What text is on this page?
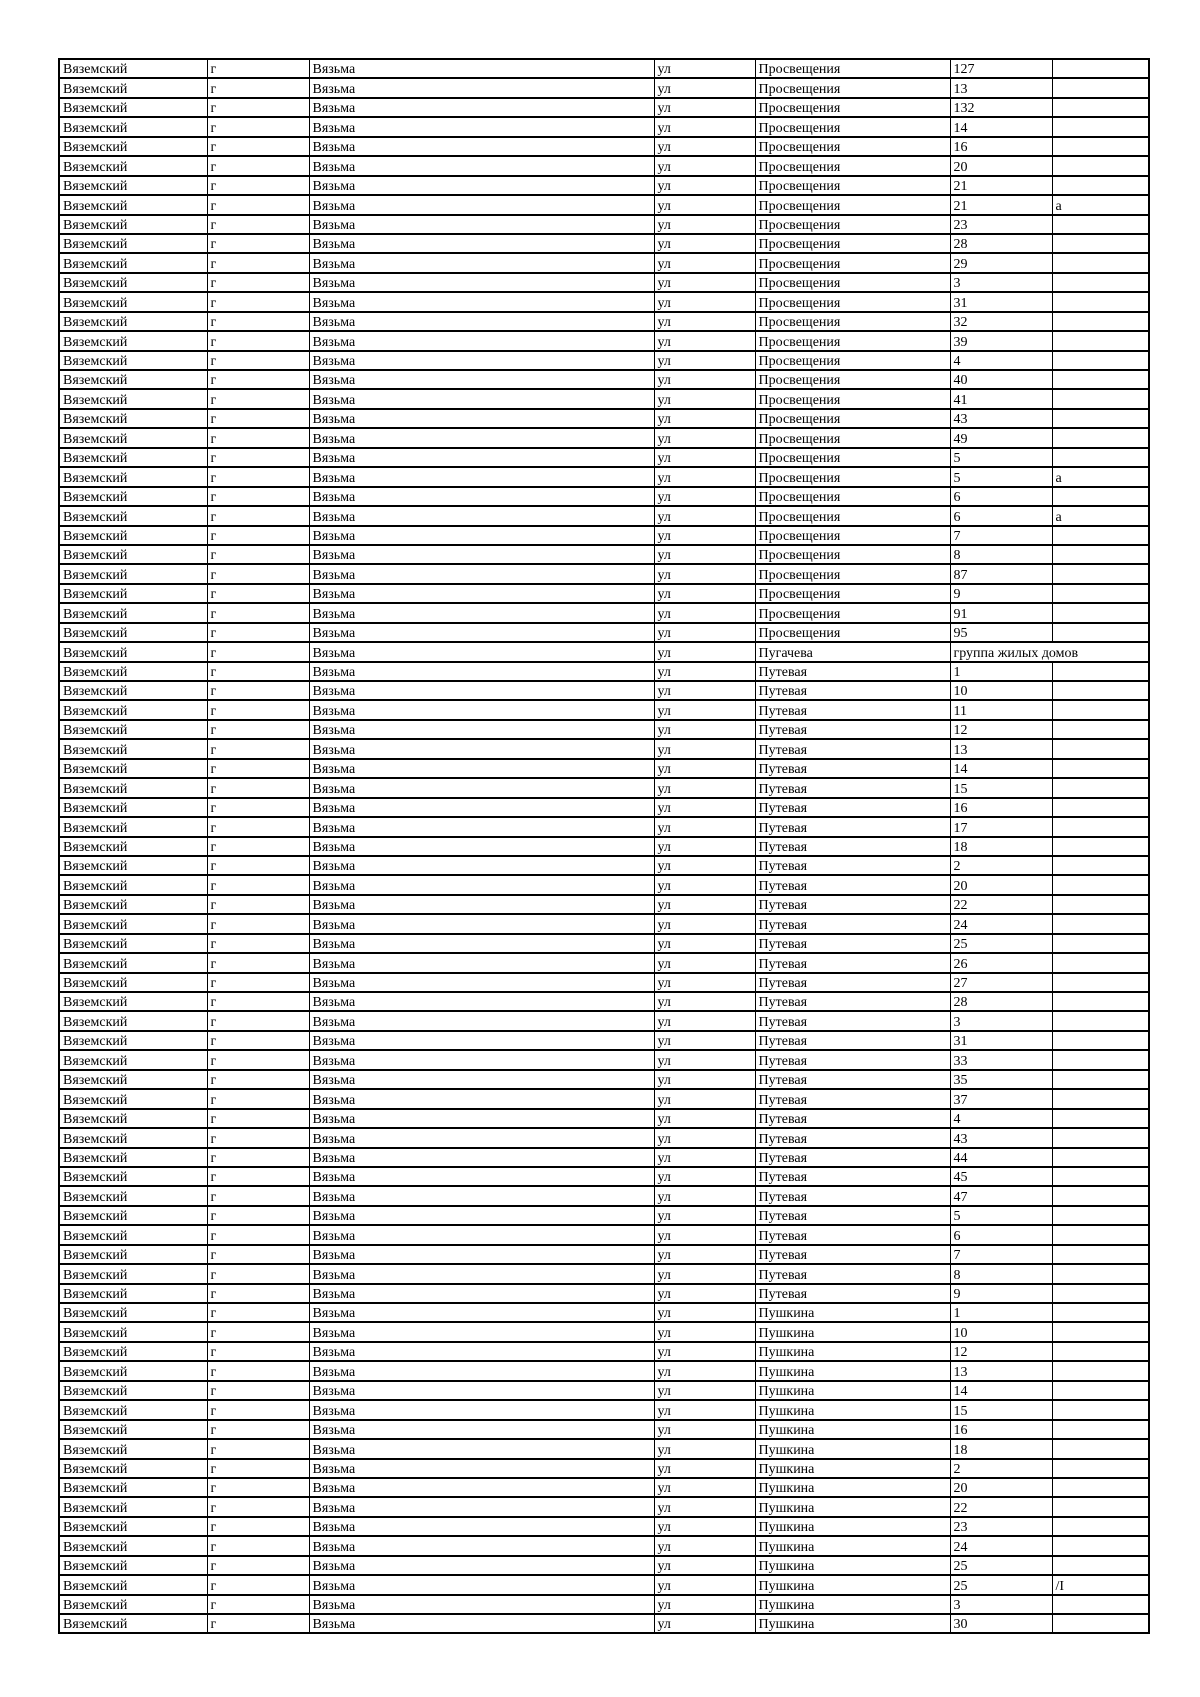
Вяземский	г	Вязьма	ул	Просвещения	127	
Вяземский	г	Вязьма	ул	Просвещения	13	
Вяземский	г	Вязьма	ул	Просвещения	132	
Вяземский	г	Вязьма	ул	Просвещения	14	
Вяземский	г	Вязьма	ул	Просвещения	16	
Вяземский	г	Вязьма	ул	Просвещения	20	
Вяземский	г	Вязьма	ул	Просвещения	21	
Вяземский	г	Вязьма	ул	Просвещения	21	а
Вяземский	г	Вязьма	ул	Просвещения	23	
Вяземский	г	Вязьма	ул	Просвещения	28	
Вяземский	г	Вязьма	ул	Просвещения	29	
Вяземский	г	Вязьма	ул	Просвещения	3	
Вяземский	г	Вязьма	ул	Просвещения	31	
Вяземский	г	Вязьма	ул	Просвещения	32	
Вяземский	г	Вязьма	ул	Просвещения	39	
Вяземский	г	Вязьма	ул	Просвещения	4	
Вяземский	г	Вязьма	ул	Просвещения	40	
Вяземский	г	Вязьма	ул	Просвещения	41	
Вяземский	г	Вязьма	ул	Просвещения	43	
Вяземский	г	Вязьма	ул	Просвещения	49	
Вяземский	г	Вязьма	ул	Просвещения	5	
Вяземский	г	Вязьма	ул	Просвещения	5	а
Вяземский	г	Вязьма	ул	Просвещения	6	
Вяземский	г	Вязьма	ул	Просвещения	6	а
Вяземский	г	Вязьма	ул	Просвещения	7	
Вяземский	г	Вязьма	ул	Просвещения	8	
Вяземский	г	Вязьма	ул	Просвещения	87	
Вяземский	г	Вязьма	ул	Просвещения	9	
Вяземский	г	Вязьма	ул	Просвещения	91	
Вяземский	г	Вязьма	ул	Просвещения	95	
Вяземский	г	Вязьма	ул	Пугачева	группа жилых домов	
Вяземский	г	Вязьма	ул	Путевая	1	
Вяземский	г	Вязьма	ул	Путевая	10	
Вяземский	г	Вязьма	ул	Путевая	11	
Вяземский	г	Вязьма	ул	Путевая	12	
Вяземский	г	Вязьма	ул	Путевая	13	
Вяземский	г	Вязьма	ул	Путевая	14	
Вяземский	г	Вязьма	ул	Путевая	15	
Вяземский	г	Вязьма	ул	Путевая	16	
Вяземский	г	Вязьма	ул	Путевая	17	
Вяземский	г	Вязьма	ул	Путевая	18	
Вяземский	г	Вязьма	ул	Путевая	2	
Вяземский	г	Вязьма	ул	Путевая	20	
Вяземский	г	Вязьма	ул	Путевая	22	
Вяземский	г	Вязьма	ул	Путевая	24	
Вяземский	г	Вязьма	ул	Путевая	25	
Вяземский	г	Вязьма	ул	Путевая	26	
Вяземский	г	Вязьма	ул	Путевая	27	
Вяземский	г	Вязьма	ул	Путевая	28	
Вяземский	г	Вязьма	ул	Путевая	3	
Вяземский	г	Вязьма	ул	Путевая	31	
Вяземский	г	Вязьма	ул	Путевая	33	
Вяземский	г	Вязьма	ул	Путевая	35	
Вяземский	г	Вязьма	ул	Путевая	37	
Вяземский	г	Вязьма	ул	Путевая	4	
Вяземский	г	Вязьма	ул	Путевая	43	
Вяземский	г	Вязьма	ул	Путевая	44	
Вяземский	г	Вязьма	ул	Путевая	45	
Вяземский	г	Вязьма	ул	Путевая	47	
Вяземский	г	Вязьма	ул	Путевая	5	
Вяземский	г	Вязьма	ул	Путевая	6	
Вяземский	г	Вязьма	ул	Путевая	7	
Вяземский	г	Вязьма	ул	Путевая	8	
Вяземский	г	Вязьма	ул	Путевая	9	
Вяземский	г	Вязьма	ул	Пушкина	1	
Вяземский	г	Вязьма	ул	Пушкина	10	
Вяземский	г	Вязьма	ул	Пушкина	12	
Вяземский	г	Вязьма	ул	Пушкина	13	
Вяземский	г	Вязьма	ул	Пушкина	14	
Вяземский	г	Вязьма	ул	Пушкина	15	
Вяземский	г	Вязьма	ул	Пушкина	16	
Вяземский	г	Вязьма	ул	Пушкина	18	
Вяземский	г	Вязьма	ул	Пушкина	2	
Вяземский	г	Вязьма	ул	Пушкина	20	
Вяземский	г	Вязьма	ул	Пушкина	22	
Вяземский	г	Вязьма	ул	Пушкина	23	
Вяземский	г	Вязьма	ул	Пушкина	24	
Вяземский	г	Вязьма	ул	Пушкина	25	
Вяземский	г	Вязьма	ул	Пушкина	25	/I
Вяземский	г	Вязьма	ул	Пушкина	3	
Вяземский	г	Вязьма	ул	Пушкина	30	
